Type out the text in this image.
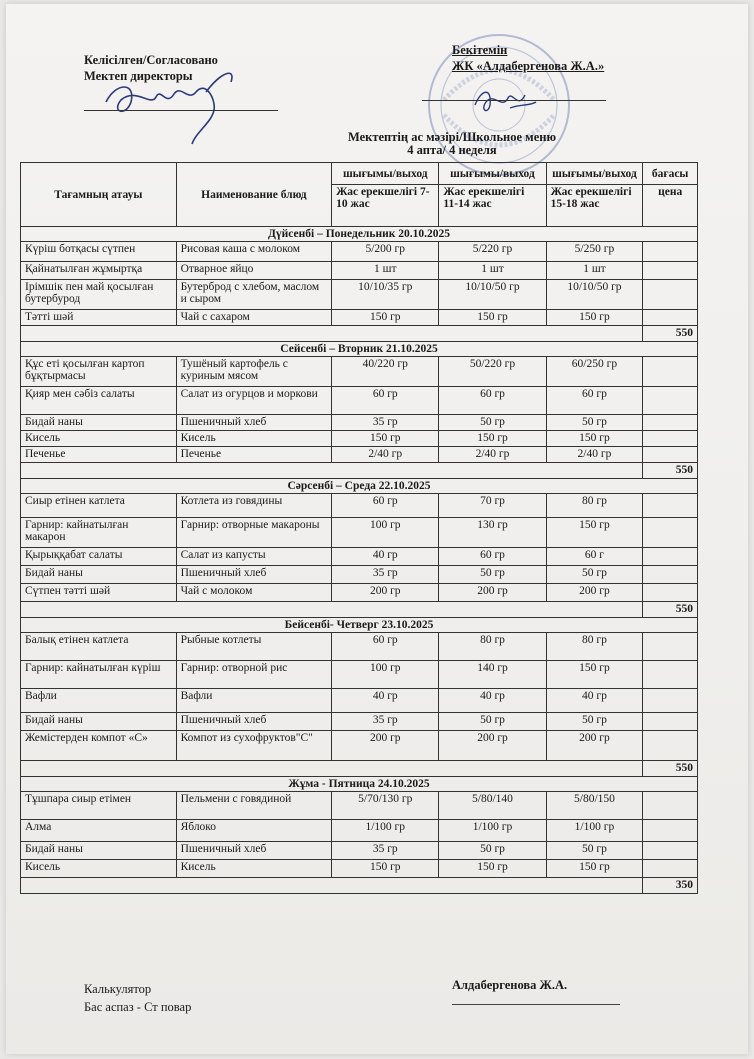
Келісілген/Согласовано
Мектеп директоры
Бекітемін
ЖК «Алдабергенова Ж.А.»
Мектептің ас мәзірі/Школьное меню
4 апта/ 4 неделя
Тағамның атауы	Наименование блюд	шығымы/выход	шығымы/выход	шығымы/выход	бағасы
		Жас ерекшелігі 7-10 жас	Жас ерекшелігі 11-14 жас	Жас ерекшелігі 15-18 жас	цена
Дүйсенбі – Понедельник 20.10.2025					
Күріш ботқасы сүтпен	Рисовая каша с молоком	5/200 гр	5/220 гр	5/250 гр	
Қайнатылған жұмыртқа	Отварное яйцо	1 шт	1 шт	1 шт	
Ірімшік пен май қосылған бутербурод	Бутерброд с хлебом, маслом и сыром	10/10/35 гр	10/10/50 гр	10/10/50 гр	
Тәтті шәй	Чай с сахаром	150 гр	150 гр	150 гр	
					550
Сейсенбі – Вторник 21.10.2025					
Құс еті қосылған картоп бұқтырмасы	Тушёный картофель с куриным мясом	40/220 гр	50/220 гр	60/250 гр	
Қияр мен сәбіз салаты	Салат из огурцов и моркови	60 гр	60 гр	60 гр	
Бидай наны	Пшеничный хлеб	35 гр	50 гр	50 гр	
Кисель	Кисель	150 гр	150 гр	150 гр	
Печенье	Печенье	2/40 гр	2/40 гр	2/40 гр	
					550
Сәрсенбі – Среда 22.10.2025					
Сиыр етінен катлета	Котлета из говядины	60 гр	70 гр	80 гр	
Гарнир: кайнатылған макарон	Гарнир: отворные макароны	100 гр	130 гр	150 гр	
Қырыққабат салаты	Салат из капусты	40 гр	60 гр	60 г	
Бидай наны	Пшеничный хлеб	35 гр	50 гр	50 гр	
Сүтпен тәтті шәй	Чай с молоком	200 гр	200 гр	200 гр	
					550
Бейсенбі- Четверг 23.10.2025					
Балық етінен катлета	Рыбные котлеты	60 гр	80 гр	80 гр	
Гарнир: кайнатылған күріш	Гарнир: отворной рис	100 гр	140 гр	150 гр	
Вафли	Вафли	40 гр	40 гр	40 гр	
Бидай наны	Пшеничный хлеб	35 гр	50 гр	50 гр	
Жемістерден компот «С»	Компот из сухофруктов"С"	200 гр	200 гр	200 гр	
					550
Жұма - Пятница 24.10.2025					
Тұшпара сиыр етімен	Пельмени с говядиной	5/70/130 гр	5/80/140	5/80/150	
Алма	Яблоко	1/100 гр	1/100 гр	1/100 гр	
Бидай наны	Пшеничный хлеб	35 гр	50 гр	50 гр	
Кисель	Кисель	150 гр	150 гр	150 гр	
					350
Калькулятор
Бас аспаз - Ст повар
Алдабергенова Ж.А.
